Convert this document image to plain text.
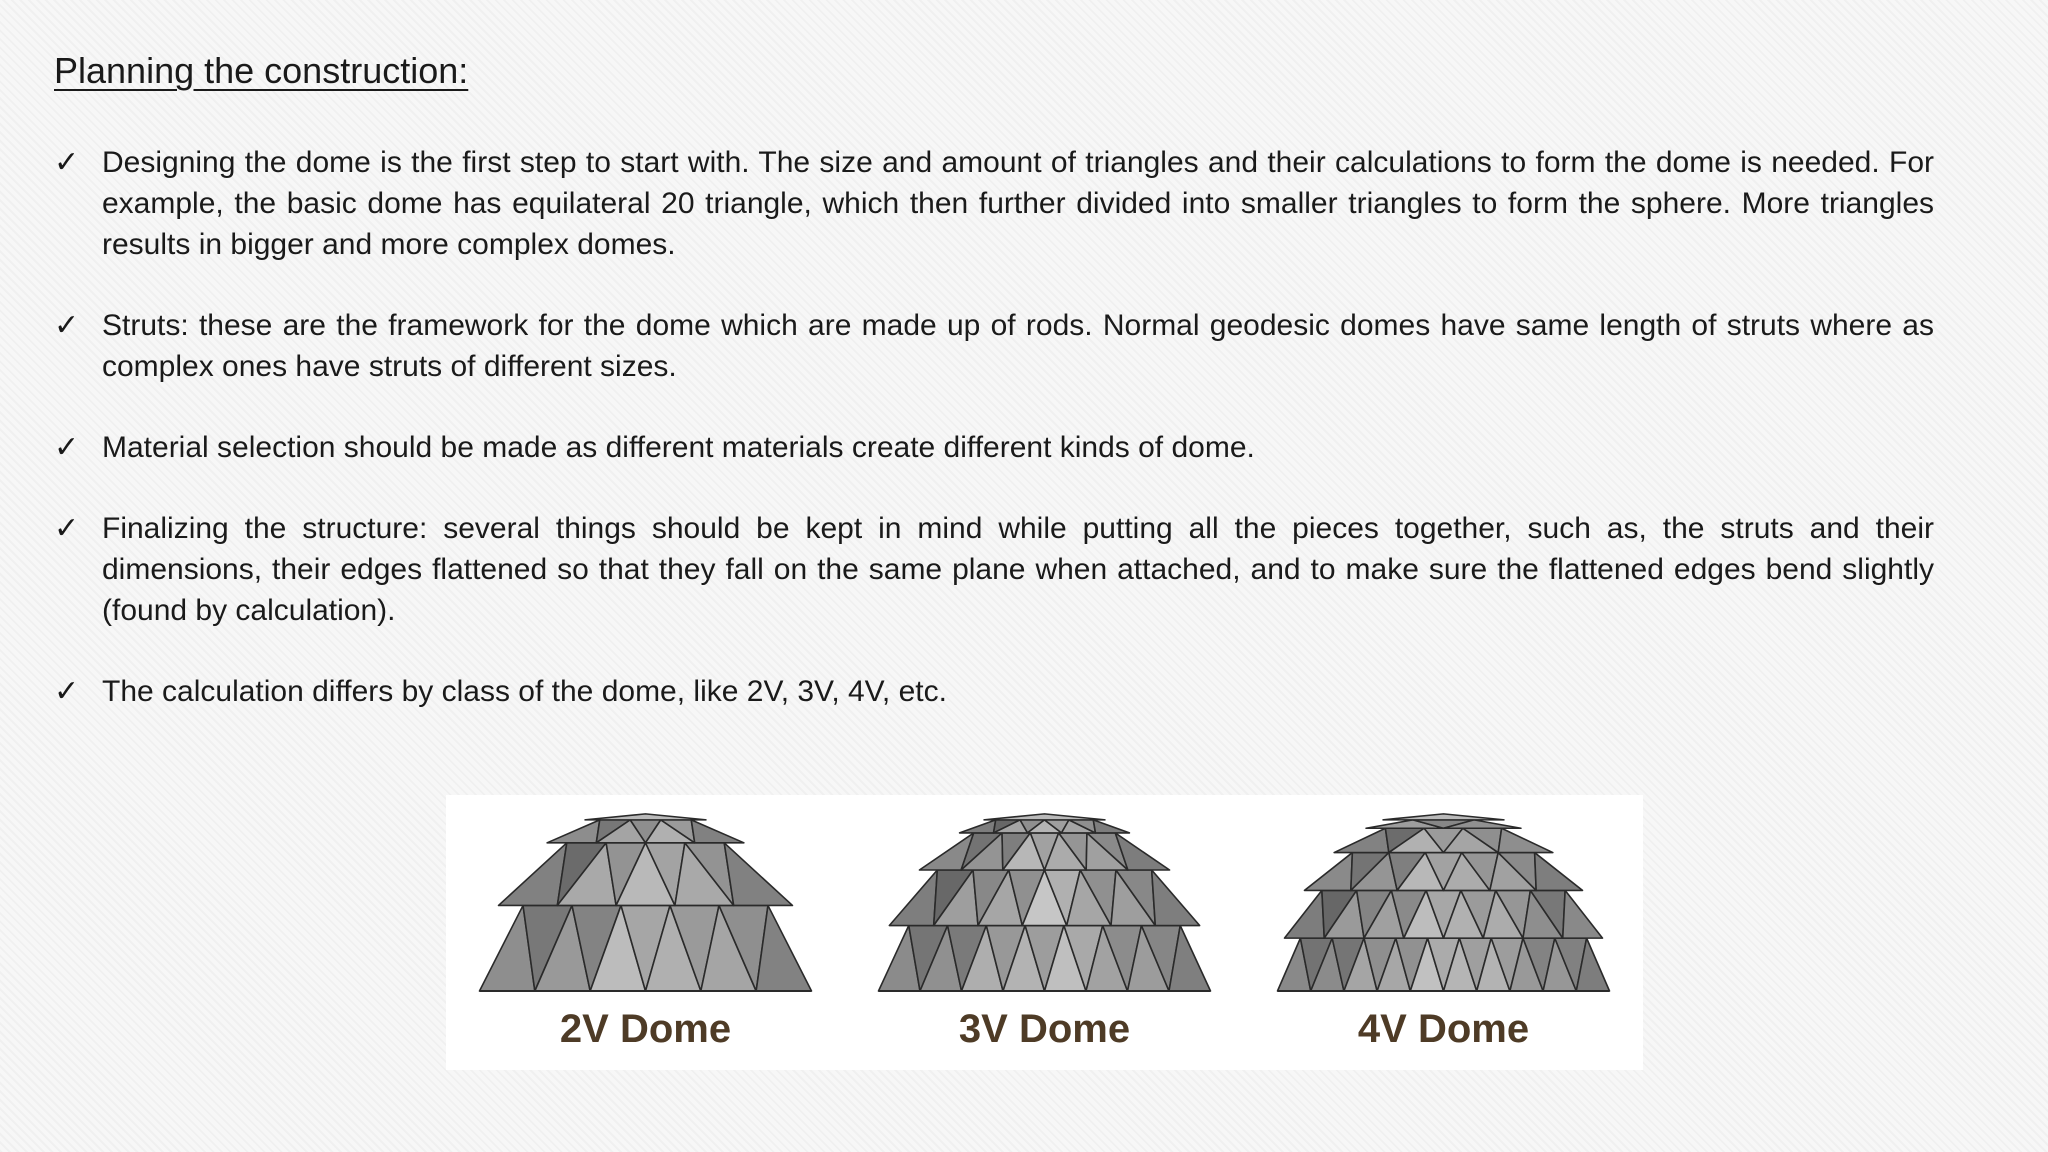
Planning the construction:
✓ Designing the dome is the first step to start with. The size and amount of triangles and their calculations to form the dome is needed. For example, the basic dome has equilateral 20 triangle, which then further divided into smaller triangles to form the sphere. More triangles results in bigger and more complex domes.
✓ Struts: these are the framework for the dome which are made up of rods. Normal geodesic domes have same length of struts where as complex ones have struts of different sizes.
✓ Material selection should be made as different materials create different kinds of dome.
✓ Finalizing the structure: several things should be kept in mind while putting all the pieces together, such as, the struts and their dimensions, their edges flattened so that they fall on the same plane when attached, and to make sure the flattened edges bend slightly (found by calculation).
✓ The calculation differs by class of the dome, like 2V, 3V, 4V, etc.
2V Dome	3V Dome	4V Dome
